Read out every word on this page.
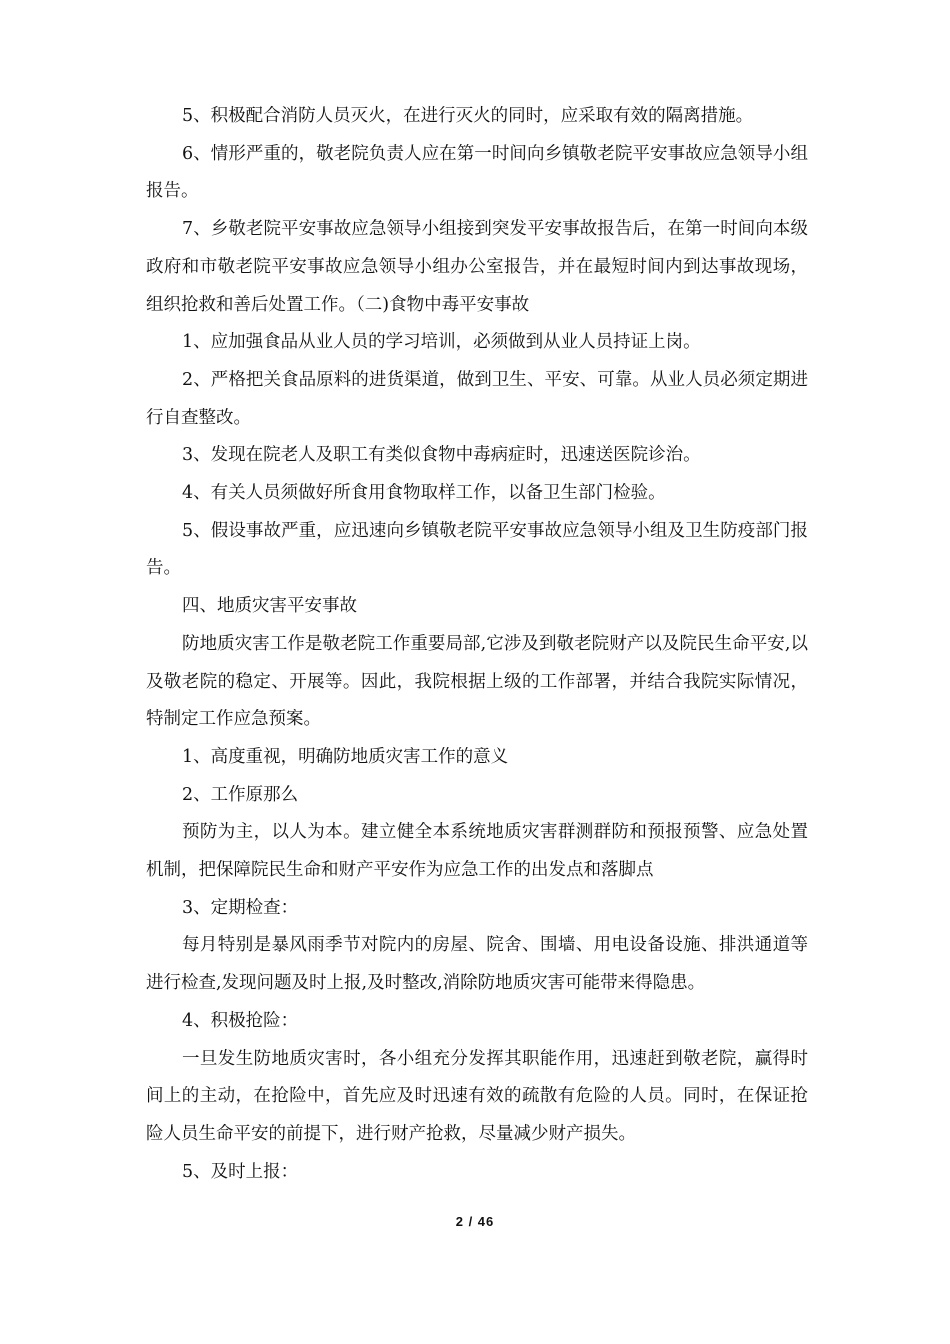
5、积极配合消防人员灭火，在进行灭火的同时，应采取有效的隔离措施。

6、情形严重的，敬老院负责人应在第一时间向乡镇敬老院平安事故应急领导小组报告。

7、乡敬老院平安事故应急领导小组接到突发平安事故报告后，在第一时间向本级政府和市敬老院平安事故应急领导小组办公室报告，并在最短时间内到达事故现场，组织抢救和善后处置工作。（二)食物中毒平安事故

1、应加强食品从业人员的学习培训，必须做到从业人员持证上岗。

2、严格把关食品原料的进货渠道，做到卫生、平安、可靠。从业人员必须定期进行自查整改。

3、发现在院老人及职工有类似食物中毒病症时，迅速送医院诊治。

4、有关人员须做好所食用食物取样工作，以备卫生部门检验。

5、假设事故严重，应迅速向乡镇敬老院平安事故应急领导小组及卫生防疫部门报告。

四、地质灾害平安事故

防地质灾害工作是敬老院工作重要局部,它涉及到敬老院财产以及院民生命平安,以及敬老院的稳定、开展等。因此，我院根据上级的工作部署，并结合我院实际情况，特制定工作应急预案。

1、高度重视，明确防地质灾害工作的意义

2、工作原那么

预防为主，以人为本。建立健全本系统地质灾害群测群防和预报预警、应急处置机制，把保障院民生命和财产平安作为应急工作的出发点和落脚点

3、定期检查：

每月特别是暴风雨季节对院内的房屋、院舍、围墙、用电设备设施、排洪通道等进行检查,发现问题及时上报,及时整改,消除防地质灾害可能带来得隐患。

4、积极抢险：

一旦发生防地质灾害时，各小组充分发挥其职能作用，迅速赶到敬老院，赢得时间上的主动，在抢险中，首先应及时迅速有效的疏散有危险的人员。同时，在保证抢险人员生命平安的前提下，进行财产抢救，尽量减少财产损失。

5、及时上报：

2 / 46
